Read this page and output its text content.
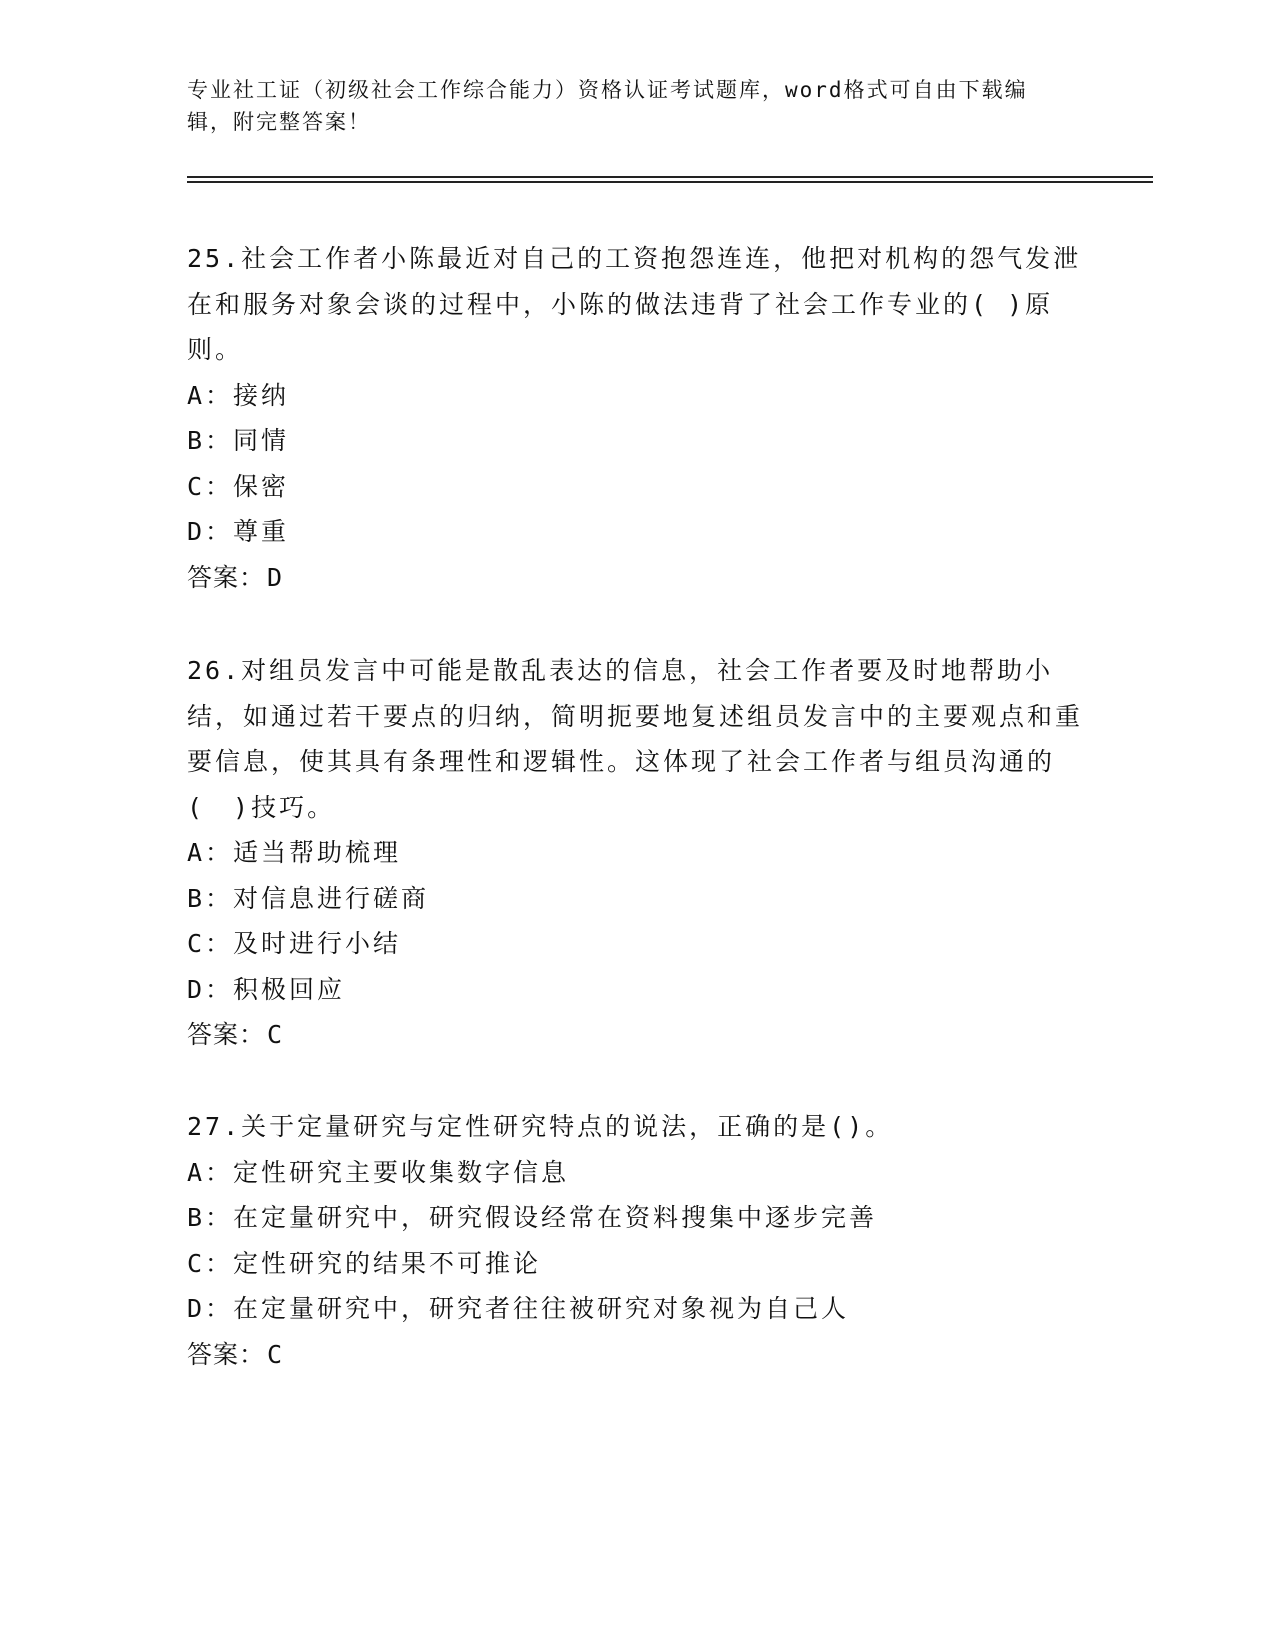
专业社工证（初级社会工作综合能力）资格认证考试题库，word格式可自由下载编辑，附完整答案！
25.社会工作者小陈最近对自己的工资抱怨连连，他把对机构的怨气发泄在和服务对象会谈的过程中，小陈的做法违背了社会工作专业的( )原则。
A：接纳
B：同情
C：保密
D：尊重
答案：D
26.对组员发言中可能是散乱表达的信息，社会工作者要及时地帮助小结，如通过若干要点的归纳，简明扼要地复述组员发言中的主要观点和重要信息，使其具有条理性和逻辑性。这体现了社会工作者与组员沟通的(　)技巧。
A：适当帮助梳理
B：对信息进行磋商
C：及时进行小结
D：积极回应
答案：C
27.关于定量研究与定性研究特点的说法，正确的是()。
A：定性研究主要收集数字信息
B：在定量研究中，研究假设经常在资料搜集中逐步完善
C：定性研究的结果不可推论
D：在定量研究中，研究者往往被研究对象视为自己人
答案：C
